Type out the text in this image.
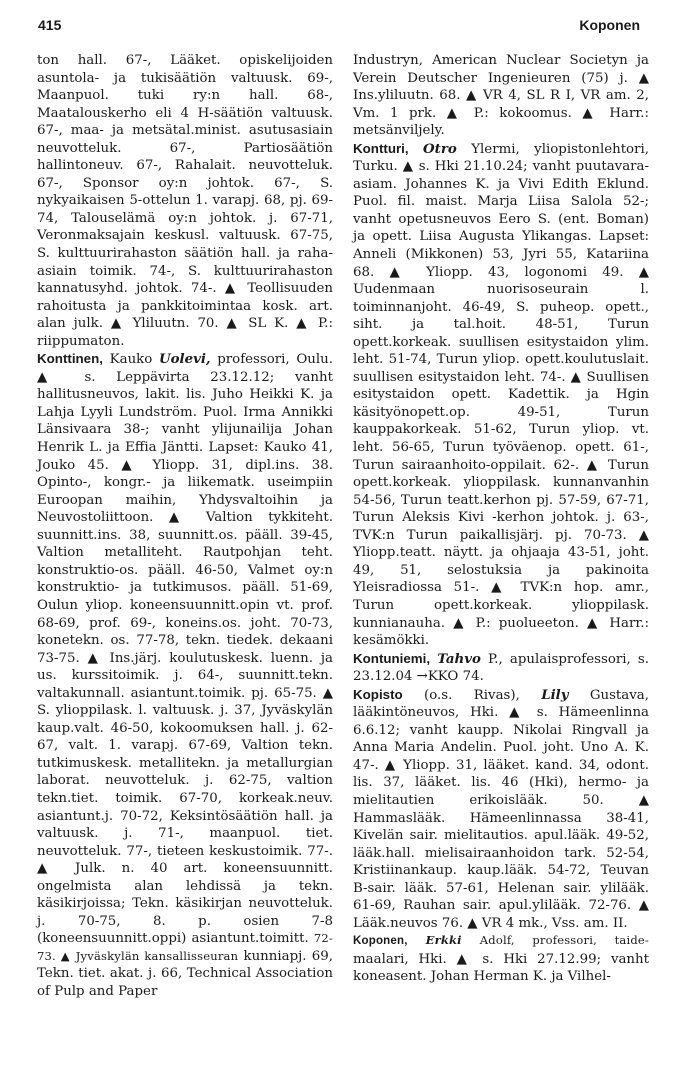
415	Koponen

ton hall. 67-, Lääket. opiskelijoiden asuntola- ja tukisäätiön valtuusk. 69-, Maanpuol. tuki ry:n hall. 68-, Maatalouskerho eli 4 H-säätiön valtuusk. 67-, maa- ja metsätal.minist. asutusasiain neuvotteluk. 67-, Partiosäätiön hallintoneuv. 67-, Rahalait. neuvotteluk. 67-, Sponsor oy:n johtok. 67-, S. nykyaikaisen 5-ottelun 1. varapj. 68, pj. 69-74, Talouselämä oy:n johtok. j. 67-71, Veronmaksajain keskusl. valtuusk. 67-75, S. kulttuurirahaston säätiön hall. ja raha-asiain toimik. 74-, S. kulttuurirahaston kannatusyhd. johtok. 74-. ▲ Teollisuuden rahoitusta ja pankkitoimintaa kosk. art. alan julk. ▲ Yliluutn. 70. ▲ SL K. ▲ P.: riippumaton.

Konttinen, Kauko Uolevi, professori, Oulu. ▲ s. Leppävirta 23.12.12; vanht hallitusneuvos, lakit. lis. Juho Heikki K. ja Lahja Lyyli Lundström. Puol. Irma Annikki Länsivaara 38-; vanht ylijunailija Johan Henrik L. ja Effia Jäntti. Lapset: Kauko 41, Jouko 45. ▲ Yliopp. 31, dipl.ins. 38. Opinto-, kongr.- ja liikematk. useimpiin Euroopan maihin, Yhdysvaltoihin ja Neuvostoliittoon. ▲ Valtion tykkiteht. suunnitt.ins. 38, suunnitt.os. pääll. 39-45, Valtion metalliteht. Rautpohjan teht. konstruktio-os. pääll. 46-50, Valmet oy:n konstruktio- ja tutkimusos. pääll. 51-69, Oulun yliop. koneensuunnitt.opin vt. prof. 68-69, prof. 69-, koneins.os. joht. 70-73, konetekn. os. 77-78, tekn. tiedek. dekaani 73-75. ▲ Ins.järj. koulutuskesk. luenn. ja us. kurssitoimik. j. 64-, suunnitt.tekn. valtakunnall. asiantunt.toimik. pj. 65-75. ▲ S. ylioppilask. l. valtuusk. j. 37, Jyväskylän kaup.valt. 46-50, kokoomuksen hall. j. 62-67, valt. 1. varapj. 67-69, Valtion tekn. tutkimuskesk. metallitekn. ja metallurgian laborat. neuvotteluk. j. 62-75, valtion tekn.tiet. toimik. 67-70, korkeak.neuv. asiantunt.j. 70-72, Keksintösäätiön hall. ja valtuusk. j. 71-, maanpuol. tiet. neuvotteluk. 77-, tieteen keskustoimik. 77-. ▲ Julk. n. 40 art. koneensuunnitt. ongelmista alan lehdissä ja tekn. käsikirjoissa; Tekn. käsikirjan neuvotteluk. j. 70-75, 8. p. osien 7-8 (koneensuunnitt.oppi) asiantunt.toimitt. 72-73. ▲ Jyväskylän kansallisseuran kunniapj. 69, Tekn. tiet. akat. j. 66, Technical Association of Pulp and Paper

Industryn, American Nuclear Societyn ja Verein Deutscher Ingenieuren (75) j. ▲ Ins.yliluutn. 68. ▲ VR 4, SL R I, VR am. 2, Vm. 1 prk. ▲ P.: kokoomus. ▲ Harr.: metsänviljely.

Kontturi, Otro Ylermi, yliopistonlehtori, Turku. ▲ s. Hki 21.10.24; vanht puutavara-asiam. Johannes K. ja Vivi Edith Eklund. Puol. fil. maist. Marja Liisa Salola 52-; vanht opetusneuvos Eero S. (ent. Boman) ja opett. Liisa Augusta Ylikangas. Lapset: Anneli (Mikkonen) 53, Jyri 55, Katariina 68. ▲ Yliopp. 43, logonomi 49. ▲ Uudenmaan nuorisoseurain l. toiminnanjoht. 46-49, S. puheop. opett., siht. ja tal.hoit. 48-51, Turun opett.korkeak. suullisen esitystaidon ylim. leht. 51-74, Turun yliop. opett.koulutuslait. suullisen esitystaidon leht. 74-. ▲ Suullisen esitystaidon opett. Kadettik. ja Hgin käsityönopett.op. 49-51, Turun kauppakorkeak. 51-62, Turun yliop. vt. leht. 56-65, Turun työväenop. opett. 61-, Turun sairaanhoito-oppilait. 62-. ▲ Turun opett.korkeak. ylioppilask. kunnanvanhin 54-56, Turun teatt.kerhon pj. 57-59, 67-71, Turun Aleksis Kivi -kerhon johtok. j. 63-, TVK:n Turun paikallisjärj. pj. 70-73. ▲ Yliopp.teatt. näytt. ja ohjaaja 43-51, joht. 49, 51, selostuksia ja pakinoita Yleisradiossa 51-. ▲ TVK:n hop. amr., Turun opett.korkeak. ylioppilask. kunnianauha. ▲ P.: puolueeton. ▲ Harr.: kesämökki.

Kontuniemi, Tahvo P., apulaisprofessori, s. 23.12.04 →KKO 74.

Kopisto (o.s. Rivas), Lily Gustava, lääkintöneuvos, Hki. ▲ s. Hämeenlinna 6.6.12; vanht kaupp. Nikolai Ringvall ja Anna Maria Andelin. Puol. joht. Uno A. K. 47-. ▲ Yliopp. 31, lääket. kand. 34, odont. lis. 37, lääket. lis. 46 (Hki), hermo- ja mielitautien erikoislääk. 50. ▲ Hammaslääk. Hämeenlinnassa 38-41, Kivelän sair. mielitautios. apul.lääk. 49-52, lääk.hall. mielisairaanhoidon tark. 52-54, Kristiinankaup. kaup.lääk. 54-72, Teuvan B-sair. lääk. 57-61, Helenan sair. ylilääk. 61-69, Rauhan sair. apul.ylilääk. 72-76. ▲ Lääk.neuvos 76. ▲ VR 4 mk., Vss. am. II.

Koponen, Erkki Adolf, professori, taide- maalari, Hki. ▲ s. Hki 27.12.99; vanht koneasent. Johan Herman K. ja Vilhel-
